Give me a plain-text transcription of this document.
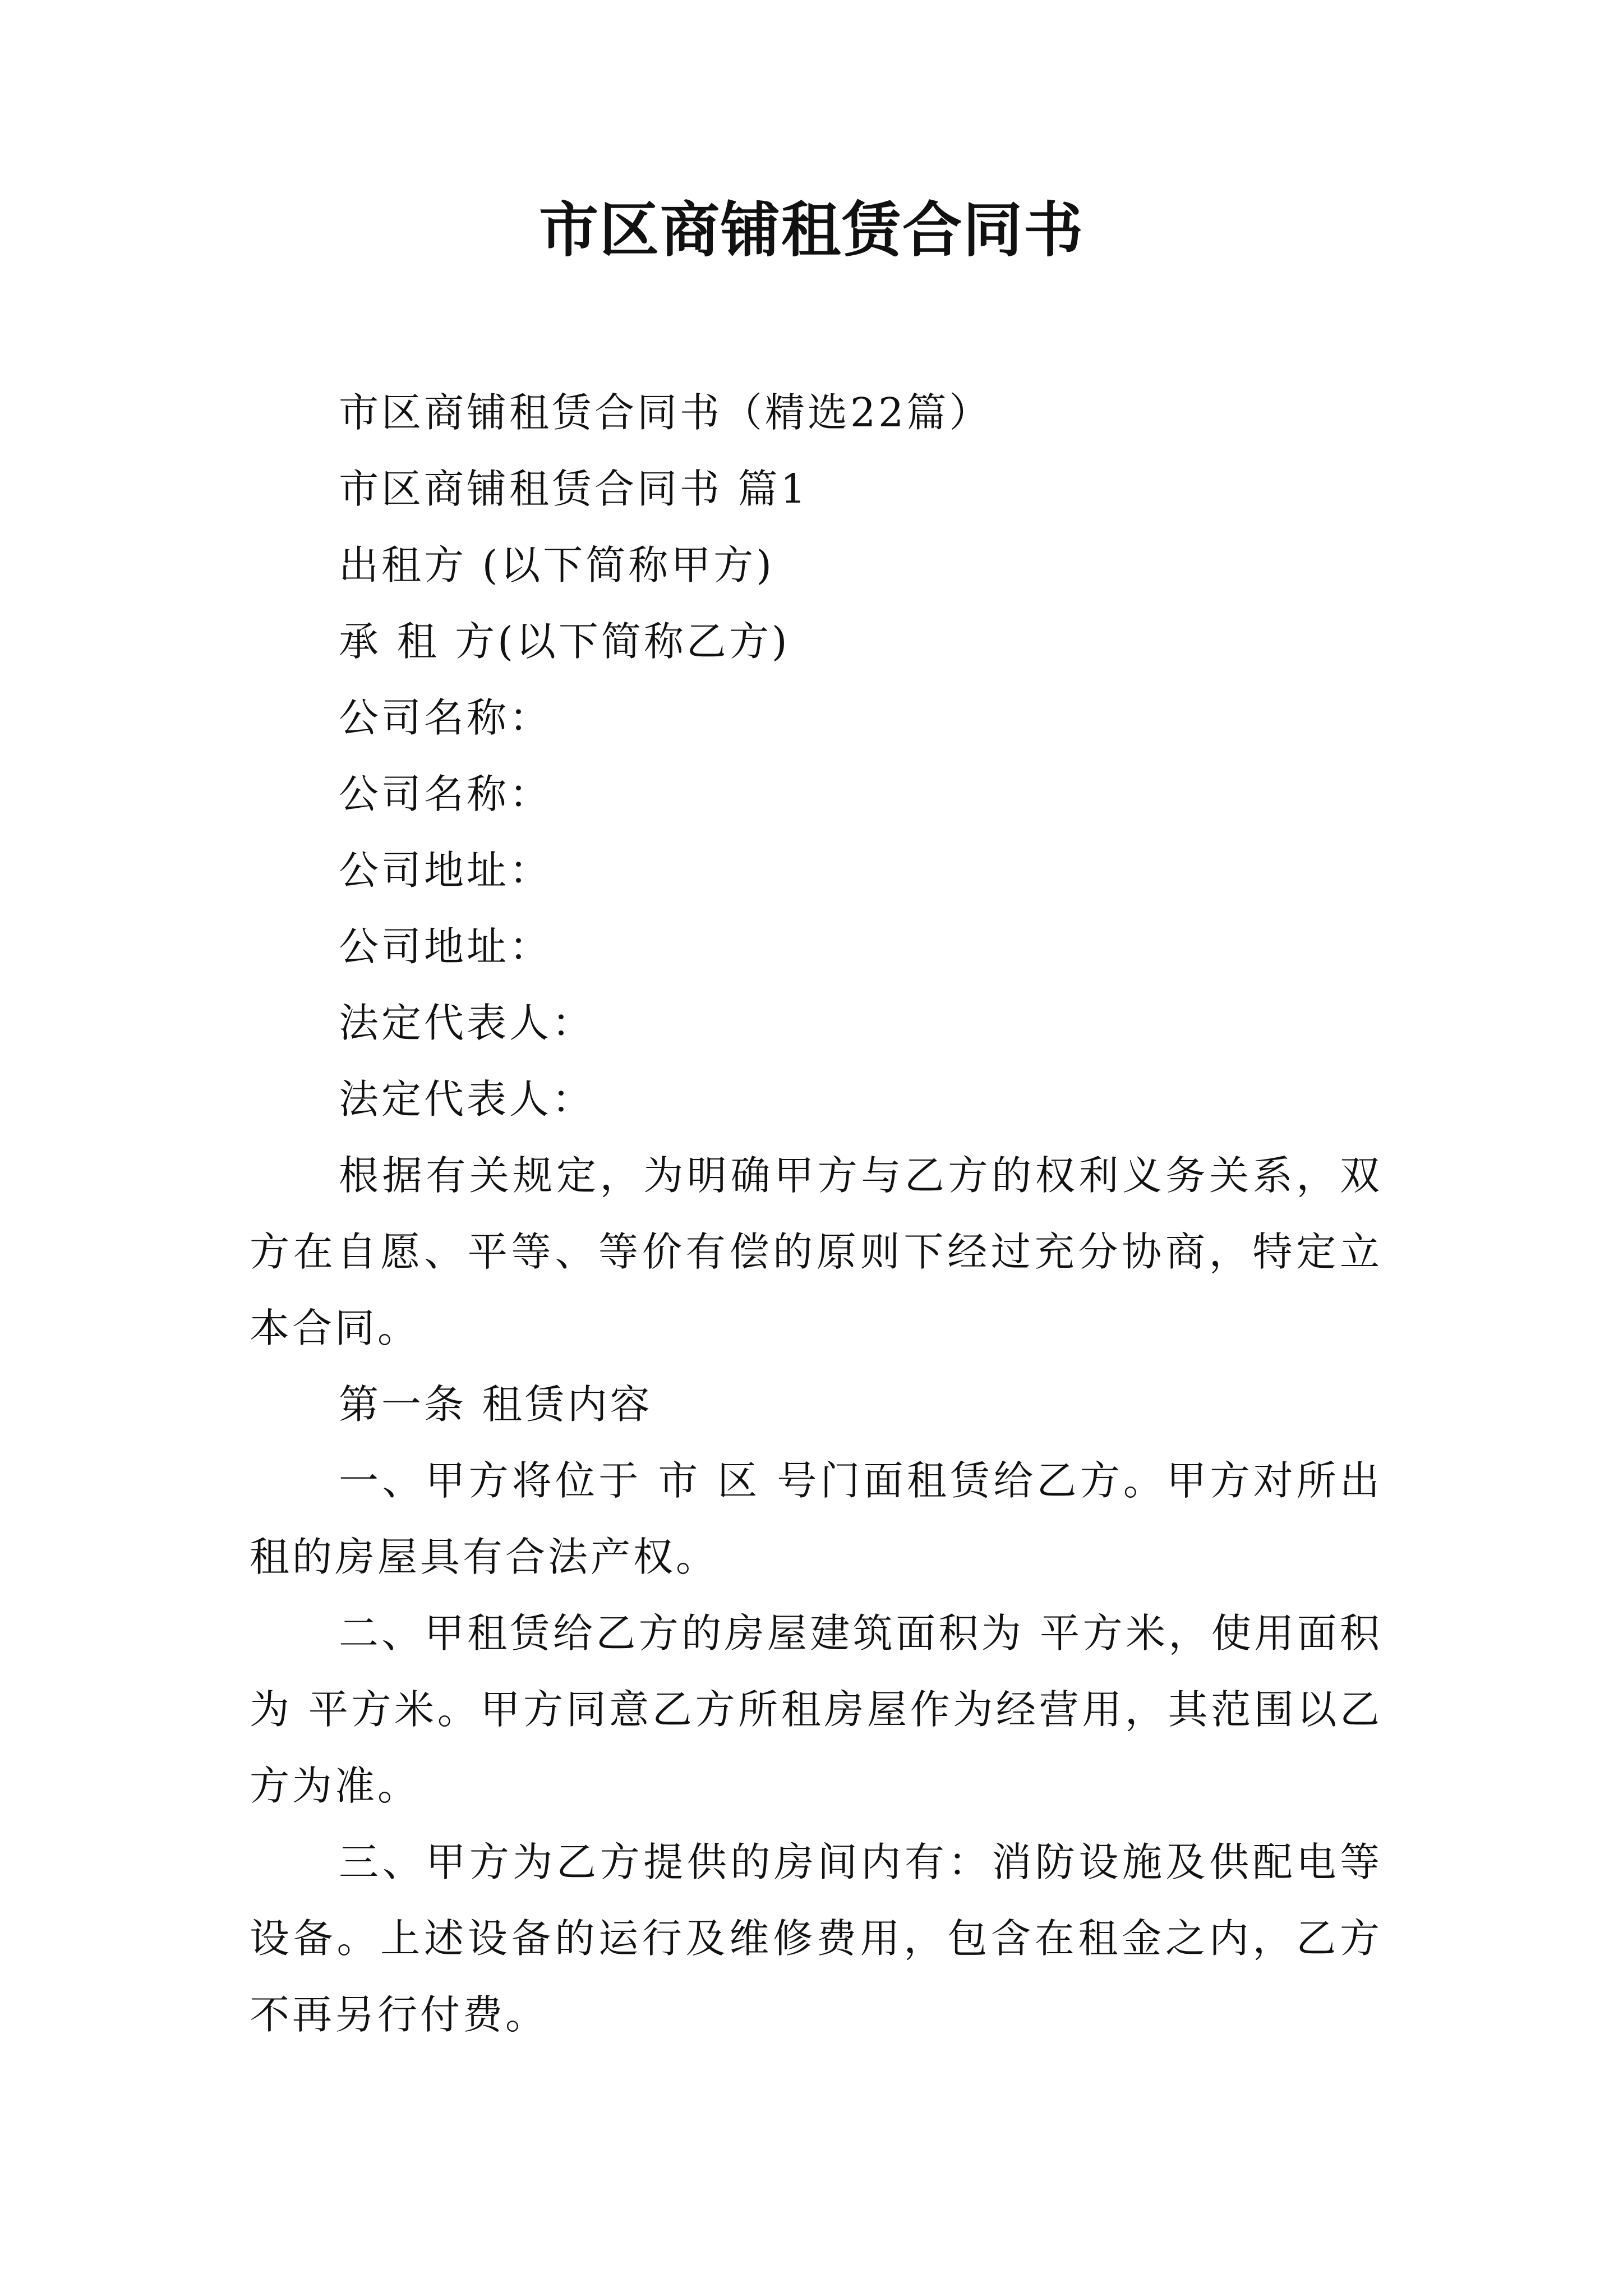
市区商铺租赁合同书
市区商铺租赁合同书（精选22篇）
市区商铺租赁合同书 篇1
出租方 (以下简称甲方)
承 租 方(以下简称乙方)
公司名称：
公司名称：
公司地址：
公司地址：
法定代表人：
法定代表人：

根据有关规定，为明确甲方与乙方的权利义务关系，双方在自愿、平等、等价有偿的原则下经过充分协商，特定立本合同。

第一条 租赁内容

一、甲方将位于 市 区 号门面租赁给乙方。甲方对所出租的房屋具有合法产权。

二、甲租赁给乙方的房屋建筑面积为 平方米，使用面积为 平方米。甲方同意乙方所租房屋作为经营用，其范围以乙方为准。

三、甲方为乙方提供的房间内有：消防设施及供配电等设备。上述设备的运行及维修费用，包含在租金之内，乙方不再另行付费。
